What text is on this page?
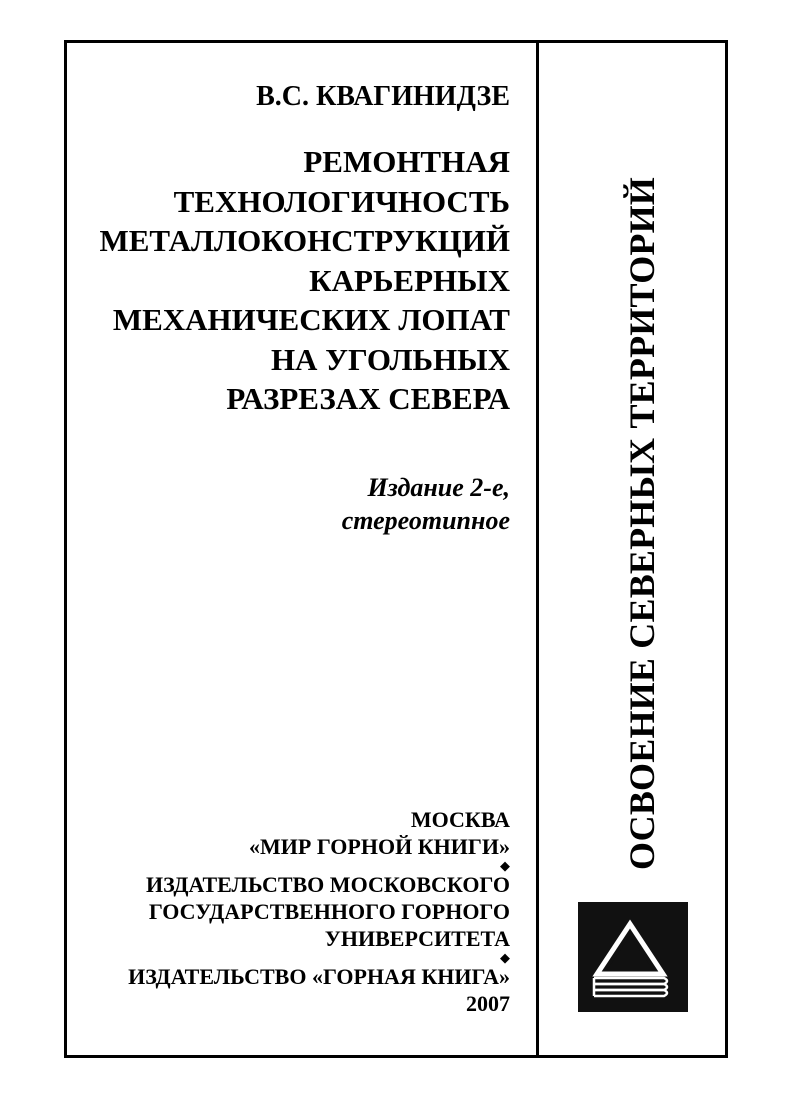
В.С. КВАГИНИДЗЕ
РЕМОНТНАЯ
ТЕХНОЛОГИЧНОСТЬ
МЕТАЛЛОКОНСТРУКЦИЙ
КАРЬЕРНЫХ
МЕХАНИЧЕСКИХ ЛОПАТ
НА УГОЛЬНЫХ
РАЗРЕЗАХ СЕВЕРА
Издание 2-е,
стереотипное
МОСКВА
«МИР ГОРНОЙ КНИГИ»
◆
ИЗДАТЕЛЬСТВО МОСКОВСКОГО
ГОСУДАРСТВЕННОГО ГОРНОГО
УНИВЕРСИТЕТА
◆
ИЗДАТЕЛЬСТВО «ГОРНАЯ КНИГА»
2007
ОСВОЕНИЕ СЕВЕРНЫХ ТЕРРИТОРИЙ
